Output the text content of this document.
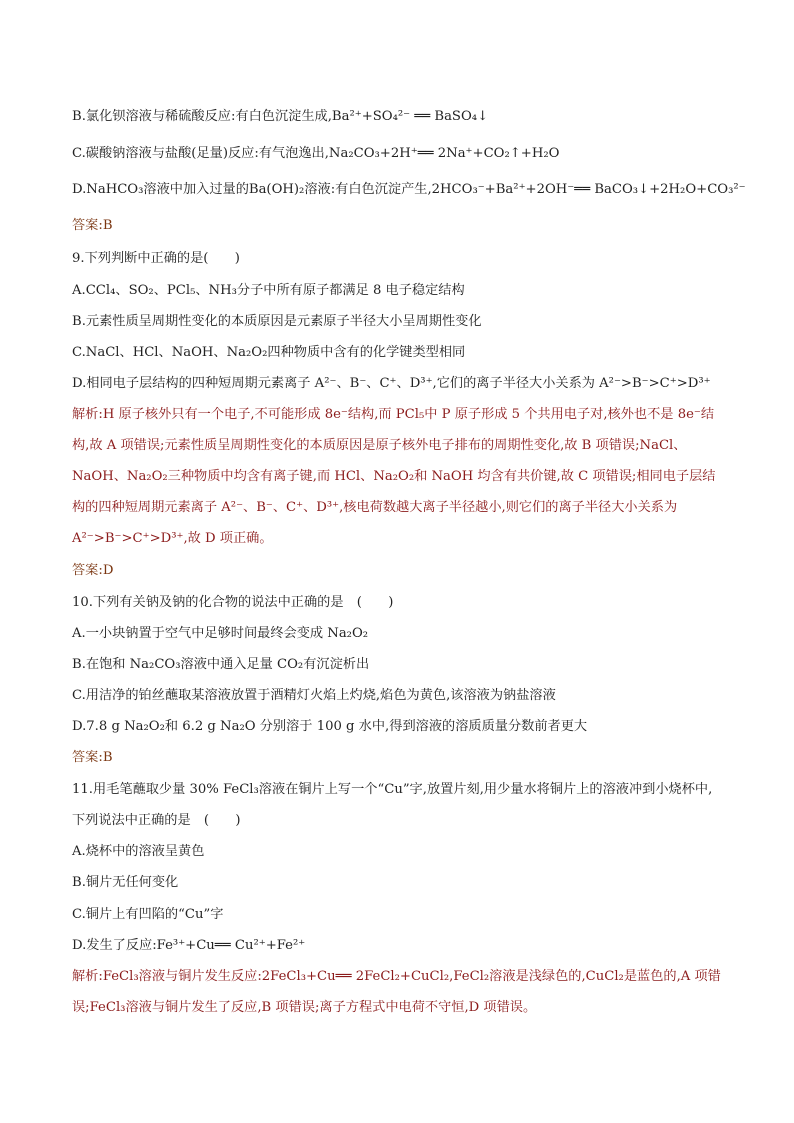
B.氯化钡溶液与稀硫酸反应:有白色沉淀生成,Ba²⁺+SO₄²⁻ ══ BaSO₄↓
C.碳酸钠溶液与盐酸(足量)反应:有气泡逸出,Na₂CO₃+2H⁺══ 2Na⁺+CO₂↑+H₂O
D.NaHCO₃溶液中加入过量的Ba(OH)₂溶液:有白色沉淀产生,2HCO₃⁻+Ba²⁺+2OH⁻══ BaCO₃↓+2H₂O+CO₃²⁻
答案:B
9.下列判断中正确的是(　　)
A.CCl₄、SO₂、PCl₅、NH₃分子中所有原子都满足 8 电子稳定结构
B.元素性质呈周期性变化的本质原因是元素原子半径大小呈周期性变化
C.NaCl、HCl、NaOH、Na₂O₂四种物质中含有的化学键类型相同
D.相同电子层结构的四种短周期元素离子 A²⁻、B⁻、C⁺、D³⁺,它们的离子半径大小关系为 A²⁻>B⁻>C⁺>D³⁺
解析:H 原子核外只有一个电子,不可能形成 8e⁻结构,而 PCl₅中 P 原子形成 5 个共用电子对,核外也不是 8e⁻结
构,故 A 项错误;元素性质呈周期性变化的本质原因是原子核外电子排布的周期性变化,故 B 项错误;NaCl、
NaOH、Na₂O₂三种物质中均含有离子键,而 HCl、Na₂O₂和 NaOH 均含有共价键,故 C 项错误;相同电子层结
构的四种短周期元素离子 A²⁻、B⁻、C⁺、D³⁺,核电荷数越大离子半径越小,则它们的离子半径大小关系为
A²⁻>B⁻>C⁺>D³⁺,故 D 项正确。
答案:D
10.下列有关钠及钠的化合物的说法中正确的是　(　　)
A.一小块钠置于空气中足够时间最终会变成 Na₂O₂
B.在饱和 Na₂CO₃溶液中通入足量 CO₂有沉淀析出
C.用洁净的铂丝蘸取某溶液放置于酒精灯火焰上灼烧,焰色为黄色,该溶液为钠盐溶液
D.7.8 g Na₂O₂和 6.2 g Na₂O 分别溶于 100 g 水中,得到溶液的溶质质量分数前者更大
答案:B
11.用毛笔蘸取少量 30% FeCl₃溶液在铜片上写一个“Cu”字,放置片刻,用少量水将铜片上的溶液冲到小烧杯中,
下列说法中正确的是　(　　)
A.烧杯中的溶液呈黄色
B.铜片无任何变化
C.铜片上有凹陷的“Cu”字
D.发生了反应:Fe³⁺+Cu══ Cu²⁺+Fe²⁺
解析:FeCl₃溶液与铜片发生反应:2FeCl₃+Cu══ 2FeCl₂+CuCl₂,FeCl₂溶液是浅绿色的,CuCl₂是蓝色的,A 项错
误;FeCl₃溶液与铜片发生了反应,B 项错误;离子方程式中电荷不守恒,D 项错误。
